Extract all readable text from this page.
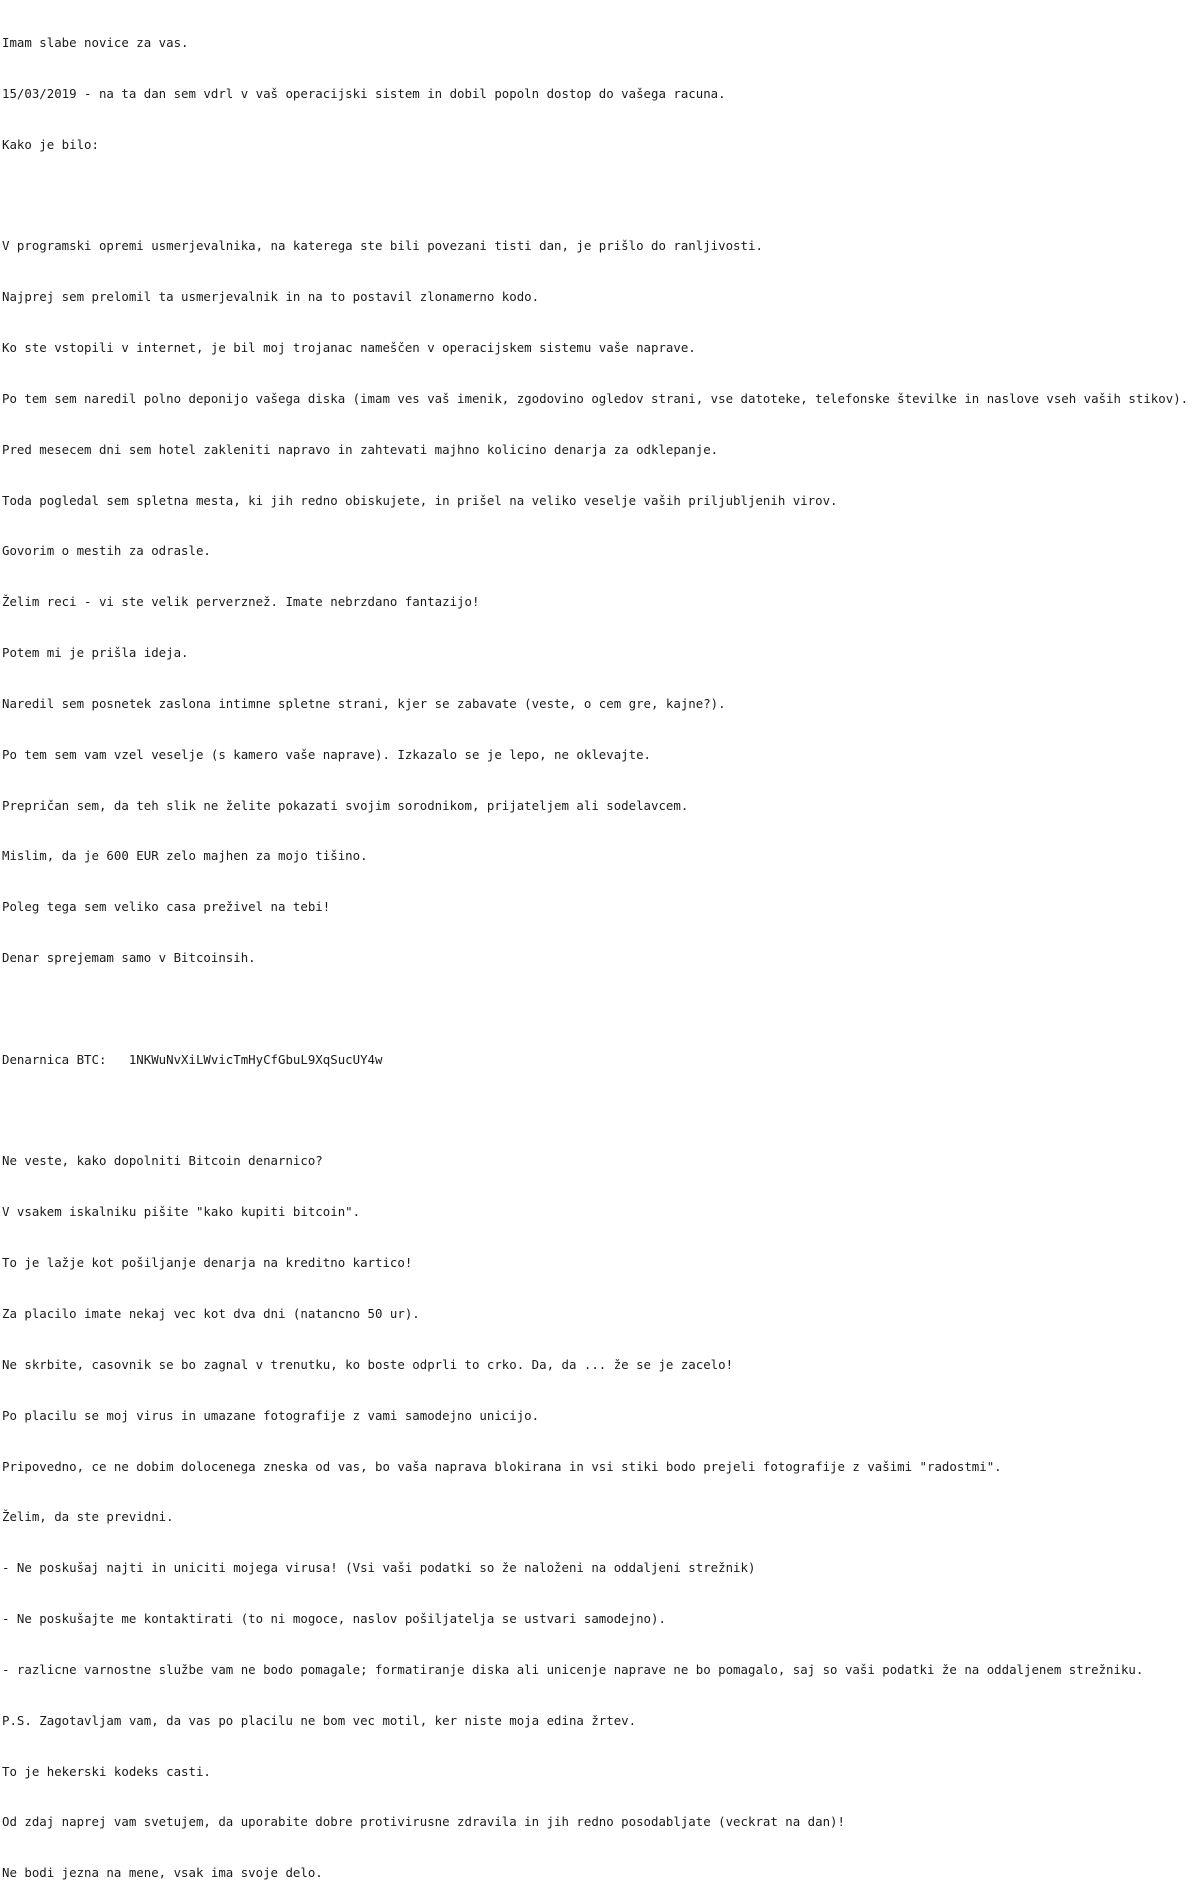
Imam slabe novice za vas.

15/03/2019 - na ta dan sem vdrl v vaš operacijski sistem in dobil popoln dostop do vašega racuna.

Kako je bilo:

V programski opremi usmerjevalnika, na katerega ste bili povezani tisti dan, je prišlo do ranljivosti.

Najprej sem prelomil ta usmerjevalnik in na to postavil zlonamerno kodo.

Ko ste vstopili v internet, je bil moj trojanac nameščen v operacijskem sistemu vaše naprave.

Po tem sem naredil polno deponijo vašega diska (imam ves vaš imenik, zgodovino ogledov strani, vse datoteke, telefonske številke in naslove vseh vaših stikov).

Pred mesecem dni sem hotel zakleniti napravo in zahtevati majhno kolicino denarja za odklepanje.

Toda pogledal sem spletna mesta, ki jih redno obiskujete, in prišel na veliko veselje vaših priljubljenih virov.

Govorim o mestih za odrasle.

Želim reci - vi ste velik perverznež. Imate nebrzdano fantazijo!

Potem mi je prišla ideja.

Naredil sem posnetek zaslona intimne spletne strani, kjer se zabavate (veste, o cem gre, kajne?).

Po tem sem vam vzel veselje (s kamero vaše naprave). Izkazalo se je lepo, ne oklevajte.

Prepričan sem, da teh slik ne želite pokazati svojim sorodnikom, prijateljem ali sodelavcem.

Mislim, da je 600 EUR zelo majhen za mojo tišino.

Poleg tega sem veliko casa preživel na tebi!

Denar sprejemam samo v Bitcoinsih.

Denarnica BTC:   1NKWuNvXiLWvicTmHyCfGbuL9XqSucUY4w

Ne veste, kako dopolniti Bitcoin denarnico?

V vsakem iskalniku pišite "kako kupiti bitcoin".

To je lažje kot pošiljanje denarja na kreditno kartico!

Za placilo imate nekaj vec kot dva dni (natancno 50 ur).

Ne skrbite, casovnik se bo zagnal v trenutku, ko boste odprli to crko. Da, da ... že se je zacelo!

Po placilu se moj virus in umazane fotografije z vami samodejno unicijo.

Pripovedno, ce ne dobim dolocenega zneska od vas, bo vaša naprava blokirana in vsi stiki bodo prejeli fotografije z vašimi "radostmi".

Želim, da ste previdni.

- Ne poskušaj najti in uniciti mojega virusa! (Vsi vaši podatki so že naloženi na oddaljeni strežnik)

- Ne poskušajte me kontaktirati (to ni mogoce, naslov pošiljatelja se ustvari samodejno).

- razlicne varnostne službe vam ne bodo pomagale; formatiranje diska ali unicenje naprave ne bo pomagalo, saj so vaši podatki že na oddaljenem strežniku.

P.S. Zagotavljam vam, da vas po placilu ne bom vec motil, ker niste moja edina žrtev.

To je hekerski kodeks casti.

Od zdaj naprej vam svetujem, da uporabite dobre protivirusne zdravila in jih redno posodabljate (veckrat na dan)!

Ne bodi jezna na mene, vsak ima svoje delo.
